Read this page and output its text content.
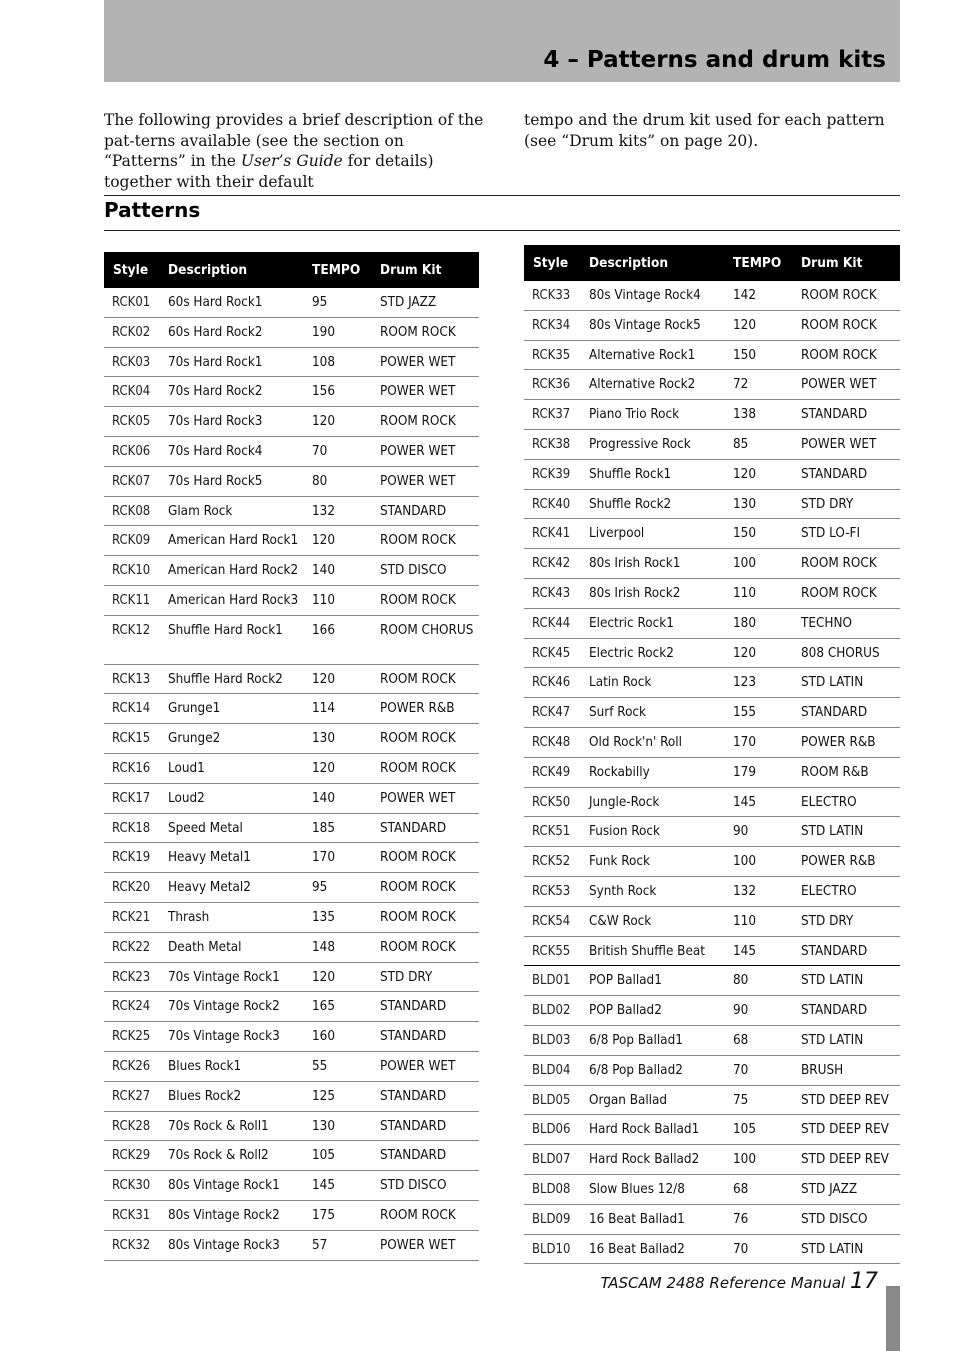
4 – Patterns and drum kits

The following provides a brief description of the pat-terns available (see the section on “Patterns” in the User’s Guide for details) together with their default

tempo and the drum kit used for each pattern (see “Drum kits” on page 20).

Patterns
Style	Description	TEMPO	Drum Kit
RCK01	60s Hard Rock1	95	STD JAZZ
RCK02	60s Hard Rock2	190	ROOM ROCK
RCK03	70s Hard Rock1	108	POWER WET
RCK04	70s Hard Rock2	156	POWER WET
RCK05	70s Hard Rock3	120	ROOM ROCK
RCK06	70s Hard Rock4	70	POWER WET
RCK07	70s Hard Rock5	80	POWER WET
RCK08	Glam Rock	132	STANDARD
RCK09	American Hard Rock1	120	ROOM ROCK
RCK10	American Hard Rock2	140	STD DISCO
RCK11	American Hard Rock3	110	ROOM ROCK
RCK12	Shuffle Hard Rock1	166	ROOM CHORUS
RCK13	Shuffle Hard Rock2	120	ROOM ROCK
RCK14	Grunge1	114	POWER R&B
RCK15	Grunge2	130	ROOM ROCK
RCK16	Loud1	120	ROOM ROCK
RCK17	Loud2	140	POWER WET
RCK18	Speed Metal	185	STANDARD
RCK19	Heavy Metal1	170	ROOM ROCK
RCK20	Heavy Metal2	95	ROOM ROCK
RCK21	Thrash	135	ROOM ROCK
RCK22	Death Metal	148	ROOM ROCK
RCK23	70s Vintage Rock1	120	STD DRY
RCK24	70s Vintage Rock2	165	STANDARD
RCK25	70s Vintage Rock3	160	STANDARD
RCK26	Blues Rock1	55	POWER WET
RCK27	Blues Rock2	125	STANDARD
RCK28	70s Rock & Roll1	130	STANDARD
RCK29	70s Rock & Roll2	105	STANDARD
RCK30	80s Vintage Rock1	145	STD DISCO
RCK31	80s Vintage Rock2	175	ROOM ROCK
RCK32	80s Vintage Rock3	57	POWER WET
Style	Description	TEMPO	Drum Kit
RCK33	80s Vintage Rock4	142	ROOM ROCK
RCK34	80s Vintage Rock5	120	ROOM ROCK
RCK35	Alternative Rock1	150	ROOM ROCK
RCK36	Alternative Rock2	72	POWER WET
RCK37	Piano Trio Rock	138	STANDARD
RCK38	Progressive Rock	85	POWER WET
RCK39	Shuffle Rock1	120	STANDARD
RCK40	Shuffle Rock2	130	STD DRY
RCK41	Liverpool	150	STD LO-FI
RCK42	80s Irish Rock1	100	ROOM ROCK
RCK43	80s Irish Rock2	110	ROOM ROCK
RCK44	Electric Rock1	180	TECHNO
RCK45	Electric Rock2	120	808 CHORUS
RCK46	Latin Rock	123	STD LATIN
RCK47	Surf Rock	155	STANDARD
RCK48	Old Rock'n' Roll	170	POWER R&B
RCK49	Rockabilly	179	ROOM R&B
RCK50	Jungle-Rock	145	ELECTRO
RCK51	Fusion Rock	90	STD LATIN
RCK52	Funk Rock	100	POWER R&B
RCK53	Synth Rock	132	ELECTRO
RCK54	C&W Rock	110	STD DRY
RCK55	British Shuffle Beat	145	STANDARD
BLD01	POP Ballad1	80	STD LATIN
BLD02	POP Ballad2	90	STANDARD
BLD03	6/8 Pop Ballad1	68	STD LATIN
BLD04	6/8 Pop Ballad2	70	BRUSH
BLD05	Organ Ballad	75	STD DEEP REV
BLD06	Hard Rock Ballad1	105	STD DEEP REV
BLD07	Hard Rock Ballad2	100	STD DEEP REV
BLD08	Slow Blues 12/8	68	STD JAZZ
BLD09	16 Beat Ballad1	76	STD DISCO
BLD10	16 Beat Ballad2	70	STD LATIN
TASCAM 2488 Reference Manual 17
